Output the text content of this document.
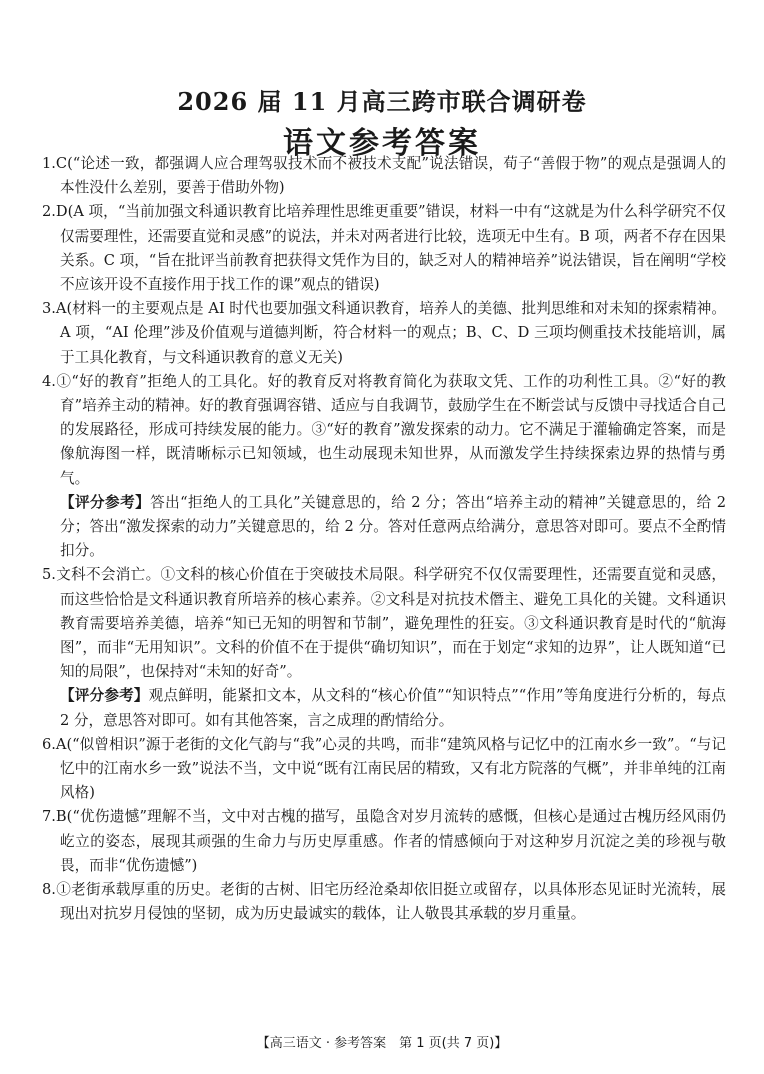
2026 届 11 月高三跨市联合调研卷
语文参考答案

1.C(“论述一致，都强调人应合理驾驭技术而不被技术支配”说法错误，荀子“善假于物”的观点是强调人的本性没什么差别，要善于借助外物)

2.D(A 项，“当前加强文科通识教育比培养理性思维更重要”错误，材料一中有“这就是为什么科学研究不仅仅需要理性，还需要直觉和灵感”的说法，并未对两者进行比较，选项无中生有。B 项，两者不存在因果关系。C 项，“旨在批评当前教育把获得文凭作为目的，缺乏对人的精神培养”说法错误，旨在阐明“学校不应该开设不直接作用于找工作的课”观点的错误)

3.A(材料一的主要观点是 AI 时代也要加强文科通识教育，培养人的美德、批判思维和对未知的探索精神。A 项，“AI 伦理”涉及价值观与道德判断，符合材料一的观点；B、C、D 三项均侧重技术技能培训，属于工具化教育，与文科通识教育的意义无关)

4.①“好的教育”拒绝人的工具化。好的教育反对将教育简化为获取文凭、工作的功利性工具。②“好的教育”培养主动的精神。好的教育强调容错、适应与自我调节，鼓励学生在不断尝试与反馈中寻找适合自己的发展路径，形成可持续发展的能力。③“好的教育”激发探索的动力。它不满足于灌输确定答案，而是像航海图一样，既清晰标示已知领域，也生动展现未知世界，从而激发学生持续探索边界的热情与勇气。

【评分参考】答出“拒绝人的工具化”关键意思的，给 2 分；答出“培养主动的精神”关键意思的，给 2 分；答出“激发探索的动力”关键意思的，给 2 分。答对任意两点给满分，意思答对即可。要点不全酌情扣分。

5.文科不会消亡。①文科的核心价值在于突破技术局限。科学研究不仅仅需要理性，还需要直觉和灵感，而这些恰恰是文科通识教育所培养的核心素养。②文科是对抗技术僭主、避免工具化的关键。文科通识教育需要培养美德，培养“知已无知的明智和节制”，避免理性的狂妄。③文科通识教育是时代的“航海图”，而非“无用知识”。文科的价值不在于提供“确切知识”，而在于划定“求知的边界”，让人既知道“已知的局限”，也保持对“未知的好奇”。

【评分参考】观点鲜明，能紧扣文本，从文科的“核心价值”“知识特点”“作用”等角度进行分析的，每点 2 分，意思答对即可。如有其他答案，言之成理的酌情给分。

6.A(“似曾相识”源于老街的文化气韵与“我”心灵的共鸣，而非“建筑风格与记忆中的江南水乡一致”。“与记忆中的江南水乡一致”说法不当，文中说“既有江南民居的精致，又有北方院落的气概”，并非单纯的江南风格)

7.B(“优伤遗憾”理解不当，文中对古槐的描写，虽隐含对岁月流转的感慨，但核心是通过古槐历经风雨仍屹立的姿态，展现其顽强的生命力与历史厚重感。作者的情感倾向于对这种岁月沉淀之美的珍视与敬畏，而非“优伤遗憾”)

8.①老街承载厚重的历史。老街的古树、旧宅历经沧桑却依旧挺立或留存，以具体形态见证时光流转，展现出对抗岁月侵蚀的坚韧，成为历史最诚实的载体，让人敬畏其承载的岁月重量。

【高三语文 · 参考答案　第 1 页(共 7 页)】
